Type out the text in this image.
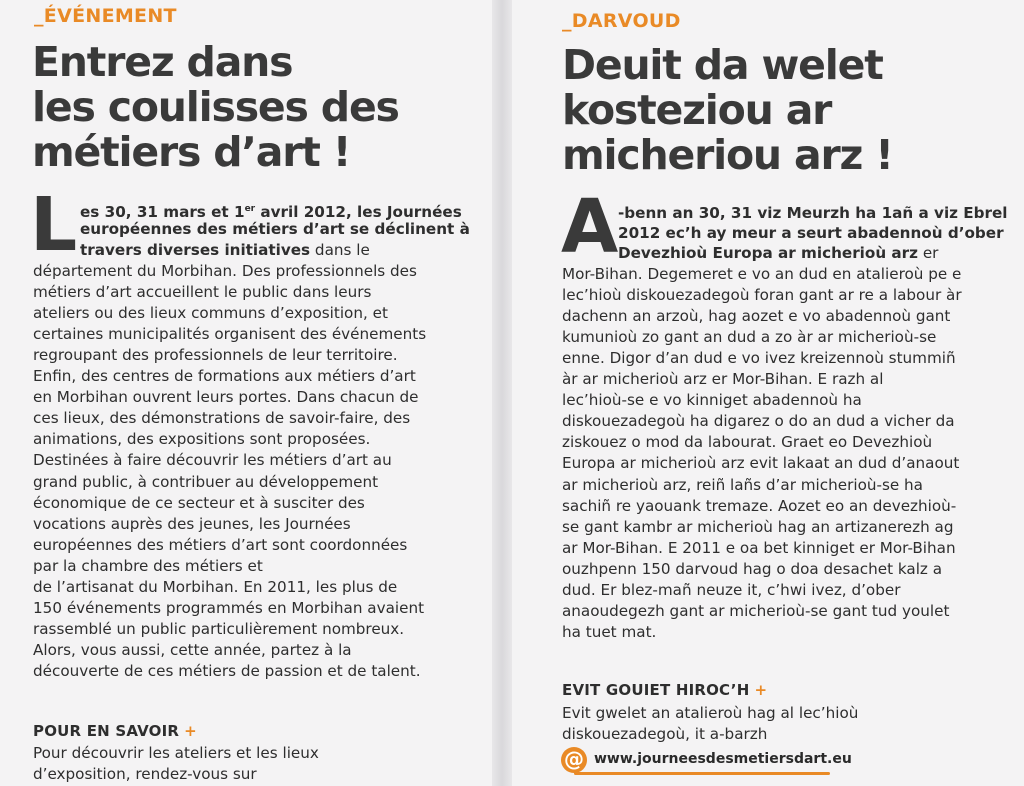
_ÉVÉNEMENT
Entrez dans
les coulisses des
métiers d’art !
L es 30, 31 mars et 1er avril 2012, les Journées
européennes des métiers d’art se déclinent à
travers diverses initiatives dans le
département du Morbihan. Des professionnels des
métiers d’art accueillent le public dans leurs
ateliers ou des lieux communs d’exposition, et
certaines municipalités organisent des événements
regroupant des professionnels de leur territoire.
Enfin, des centres de formations aux métiers d’art
en Morbihan ouvrent leurs portes. Dans chacun de
ces lieux, des démonstrations de savoir-faire, des
animations, des expositions sont proposées.
Destinées à faire découvrir les métiers d’art au
grand public, à contribuer au développement
économique de ce secteur et à susciter des
vocations auprès des jeunes, les Journées
européennes des métiers d’art sont coordonnées
par la chambre des métiers et
de l’artisanat du Morbihan. En 2011, les plus de
150 événements programmés en Morbihan avaient
rassemblé un public particulièrement nombreux.
Alors, vous aussi, cette année, partez à la
découverte de ces métiers de passion et de talent.
POUR EN SAVOIR +
Pour découvrir les ateliers et les lieux
d’exposition, rendez-vous sur
_DARVOUD
Deuit da welet
kosteziou ar
micheriou arz !
A -benn an 30, 31 viz Meurzh ha 1añ a viz Ebrel
2012 ec’h ay meur a seurt abadennoù d’ober
Devezhioù Europa ar micherioù arz er
Mor-Bihan. Degemeret e vo an dud en atalieroù pe e
lec’hioù diskouezadegoù foran gant ar re a labour àr
dachenn an arzoù, hag aozet e vo abadennoù gant
kumunioù zo gant an dud a zo àr ar micherioù-se
enne. Digor d’an dud e vo ivez kreizennoù stummiñ
àr ar micherioù arz er Mor-Bihan. E razh al
lec’hioù-se e vo kinniget abadennoù ha
diskouezadegoù ha digarez o do an dud a vicher da
ziskouez o mod da labourat. Graet eo Devezhioù
Europa ar micherioù arz evit lakaat an dud d’anaout
ar micherioù arz, reiñ lañs d’ar micherioù-se ha
sachiñ re yaouank tremaze. Aozet eo an devezhioù-
se gant kambr ar micherioù hag an artizanerezh ag
ar Mor-Bihan. E 2011 e oa bet kinniget er Mor-Bihan
ouzhpenn 150 darvoud hag o doa desachet kalz a
dud. Er blez-mañ neuze it, c’hwi ivez, d’ober
anaoudegezh gant ar micherioù-se gant tud youlet
ha tuet mat.
EVIT GOUIET HIROC’H +
Evit gwelet an atalieroù hag al lec’hioù
diskouezadegoù, it a-barzh
@ www.journeesdesmetiersdart.eu
